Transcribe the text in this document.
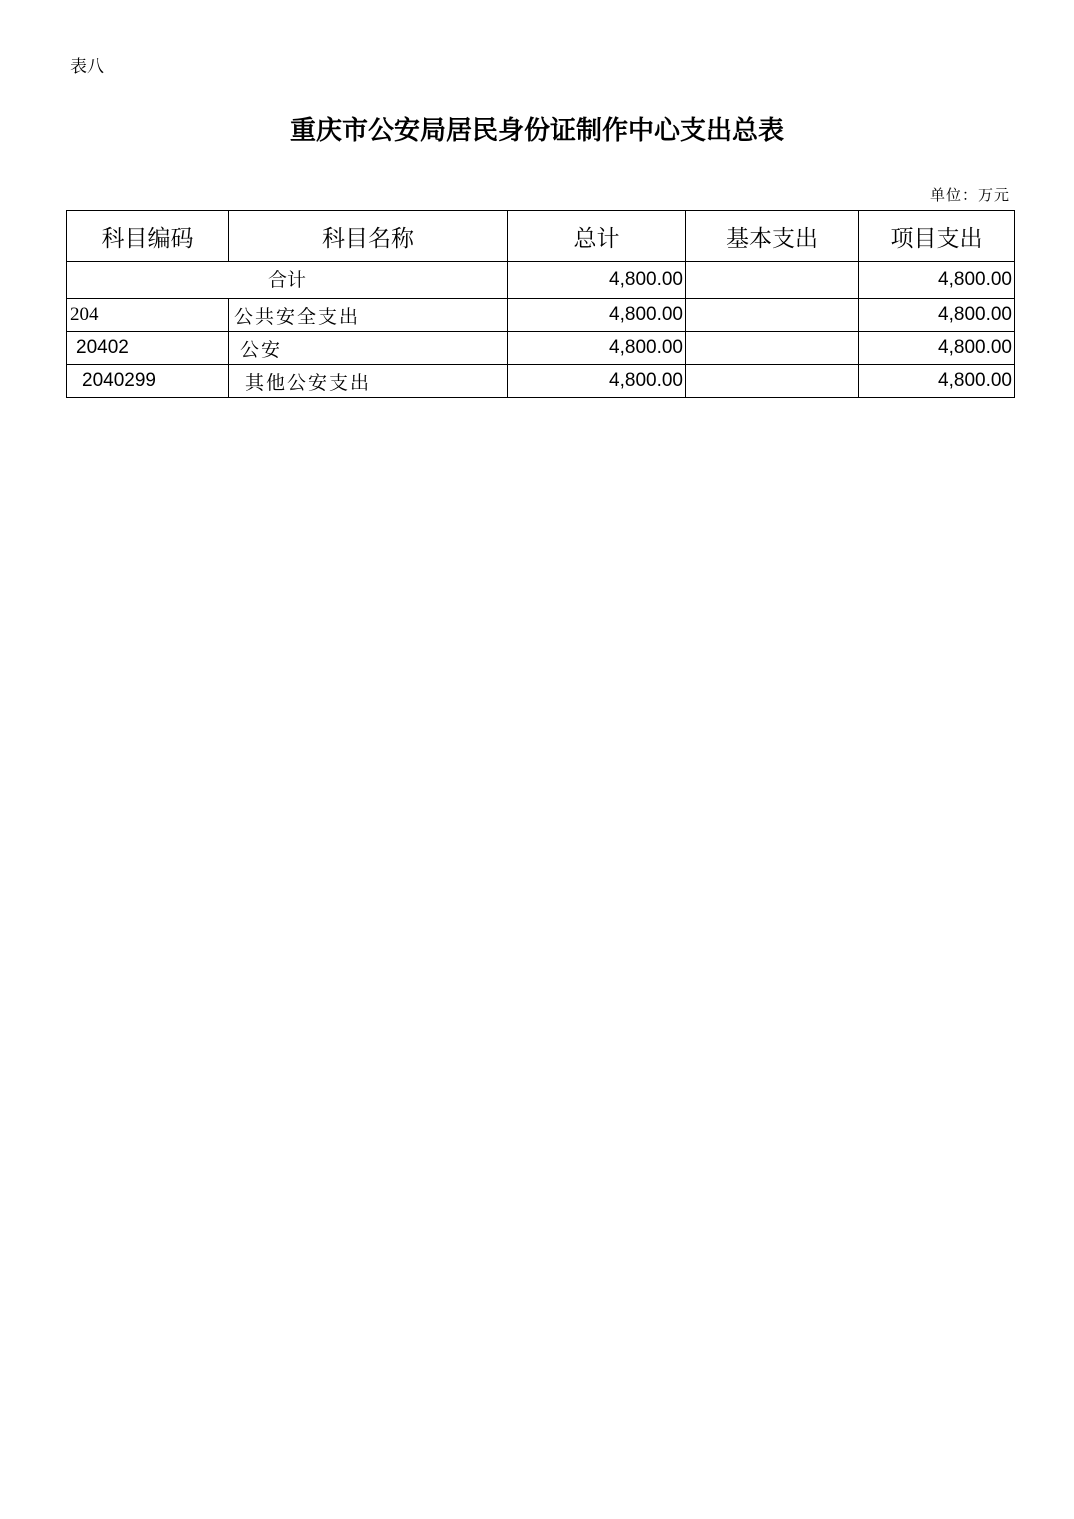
表八
重庆市公安局居民身份证制作中心支出总表
单位：万元
科目编码	科目名称	总计	基本支出	项目支出
合计		4,800.00		4,800.00
204	公共安全支出	4,800.00		4,800.00
20402	公安	4,800.00		4,800.00
2040299	其他公安支出	4,800.00		4,800.00
